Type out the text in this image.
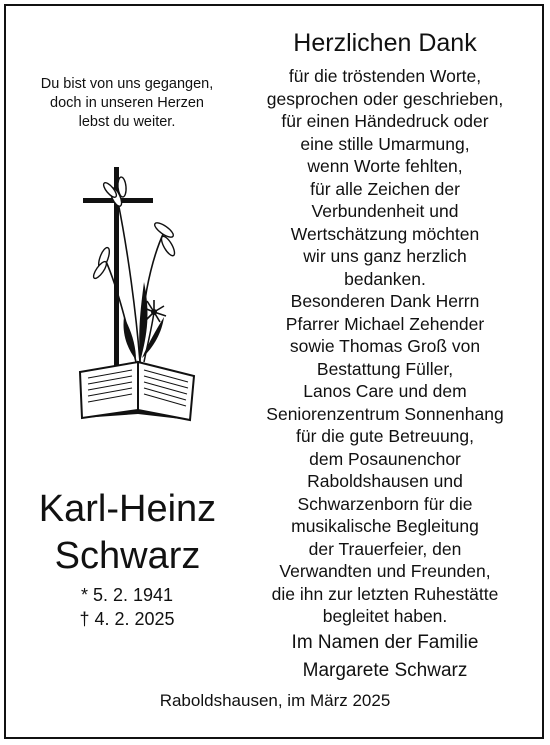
Du bist von uns gegangen,
doch in unseren Herzen
lebst du weiter.
Karl-Heinz
Schwarz
* 5. 2. 1941
† 4. 2. 2025
Herzlichen Dank
für die tröstenden Worte,
gesprochen oder geschrieben,
für einen Händedruck oder
eine stille Umarmung,
wenn Worte fehlten,
für alle Zeichen der
Verbundenheit und
Wertschätzung möchten
wir uns ganz herzlich
bedanken.
Besonderen Dank Herrn
Pfarrer Michael Zehender
sowie Thomas Groß von
Bestattung Füller,
Lanos Care und dem
Seniorenzentrum Sonnenhang
für die gute Betreuung,
dem Posaunenchor
Raboldshausen und
Schwarzenborn für die
musikalische Begleitung
der Trauerfeier, den
Verwandten und Freunden,
die ihn zur letzten Ruhestätte
begleitet haben.
Im Namen der Familie
Margarete Schwarz
Raboldshausen, im März 2025
